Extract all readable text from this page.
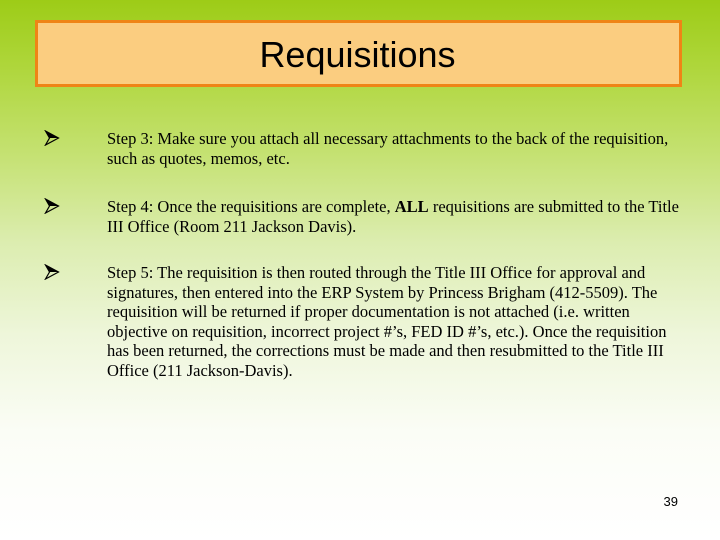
Requisitions
Step 3: Make sure you attach all necessary attachments to the back of the requisition, such as quotes, memos, etc.
Step 4: Once the requisitions are complete, ALL requisitions are submitted to the Title III Office (Room 211 Jackson Davis).
Step 5: The requisition is then routed through the Title III Office for approval and signatures, then entered into the ERP System by Princess Brigham (412-5509). The requisition will be returned if proper documentation is not attached (i.e. written objective on requisition, incorrect project #’s, FED ID #’s, etc.). Once the requisition has been returned, the corrections must be made and then resubmitted to the Title III Office (211 Jackson-Davis).
39
